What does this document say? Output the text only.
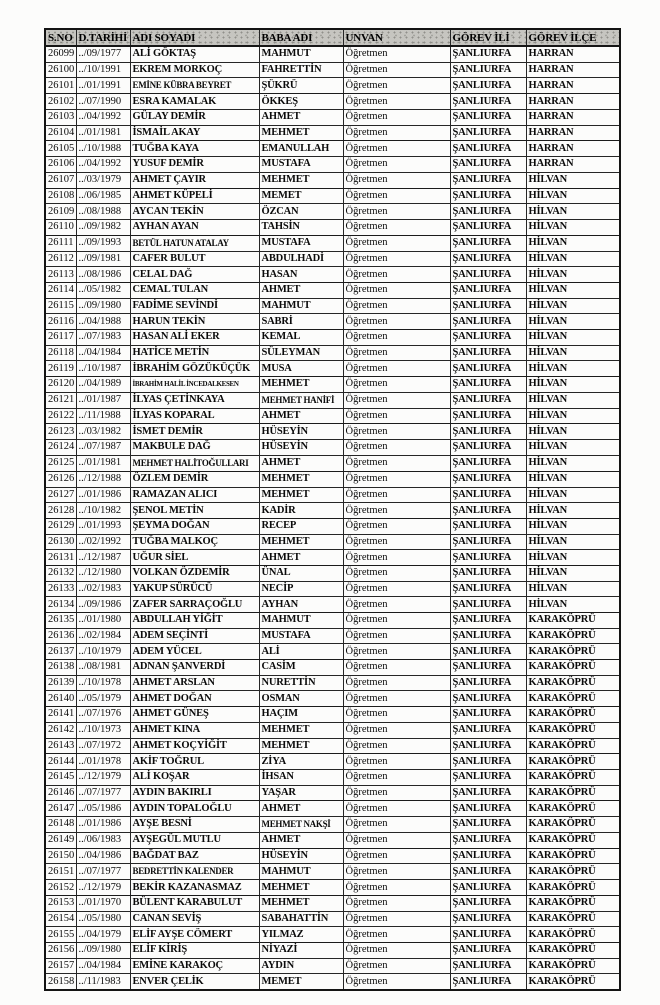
S.NO	D.TARİHİ	ADI SOYADI	BABA ADI	UNVAN	GÖREV İLİ	GÖREV İLÇE
26099	../09/1977	ALİ GÖKTAŞ	MAHMUT	Öğretmen	ŞANLIURFA	HARRAN
26100	../10/1991	EKREM MORKOÇ	FAHRETTİN	Öğretmen	ŞANLIURFA	HARRAN
26101	../01/1991	EMİNE KÜBRA BEYRET	ŞÜKRÜ	Öğretmen	ŞANLIURFA	HARRAN
26102	../07/1990	ESRA KAMALAK	ÖKKEŞ	Öğretmen	ŞANLIURFA	HARRAN
26103	../04/1992	GÜLAY DEMİR	AHMET	Öğretmen	ŞANLIURFA	HARRAN
26104	../01/1981	İSMAİL AKAY	MEHMET	Öğretmen	ŞANLIURFA	HARRAN
26105	../10/1988	TUĞBA KAYA	EMANULLAH	Öğretmen	ŞANLIURFA	HARRAN
26106	../04/1992	YUSUF DEMİR	MUSTAFA	Öğretmen	ŞANLIURFA	HARRAN
26107	../03/1979	AHMET ÇAYIR	MEHMET	Öğretmen	ŞANLIURFA	HİLVAN
26108	../06/1985	AHMET KÜPELİ	MEMET	Öğretmen	ŞANLIURFA	HİLVAN
26109	../08/1988	AYCAN TEKİN	ÖZCAN	Öğretmen	ŞANLIURFA	HİLVAN
26110	../09/1982	AYHAN AYAN	TAHSİN	Öğretmen	ŞANLIURFA	HİLVAN
26111	../09/1993	BETÜL HATUN ATALAY	MUSTAFA	Öğretmen	ŞANLIURFA	HİLVAN
26112	../09/1981	CAFER BULUT	ABDULHADİ	Öğretmen	ŞANLIURFA	HİLVAN
26113	../08/1986	CELAL DAĞ	HASAN	Öğretmen	ŞANLIURFA	HİLVAN
26114	../05/1982	CEMAL TULAN	AHMET	Öğretmen	ŞANLIURFA	HİLVAN
26115	../09/1980	FADİME SEVİNDİ	MAHMUT	Öğretmen	ŞANLIURFA	HİLVAN
26116	../04/1988	HARUN TEKİN	SABRİ	Öğretmen	ŞANLIURFA	HİLVAN
26117	../07/1983	HASAN ALİ EKER	KEMAL	Öğretmen	ŞANLIURFA	HİLVAN
26118	../04/1984	HATİCE METİN	SÜLEYMAN	Öğretmen	ŞANLIURFA	HİLVAN
26119	../10/1987	İBRAHİM GÖZÜKÜÇÜK	MUSA	Öğretmen	ŞANLIURFA	HİLVAN
26120	../04/1989	İBRAHİM HALİL İNCEDALKESEN	MEHMET	Öğretmen	ŞANLIURFA	HİLVAN
26121	../01/1987	İLYAS ÇETİNKAYA	MEHMET HANİFİ	Öğretmen	ŞANLIURFA	HİLVAN
26122	../11/1988	İLYAS KOPARAL	AHMET	Öğretmen	ŞANLIURFA	HİLVAN
26123	../03/1982	İSMET DEMİR	HÜSEYİN	Öğretmen	ŞANLIURFA	HİLVAN
26124	../07/1987	MAKBULE DAĞ	HÜSEYİN	Öğretmen	ŞANLIURFA	HİLVAN
26125	../01/1981	MEHMET HALİTOĞULLARI	AHMET	Öğretmen	ŞANLIURFA	HİLVAN
26126	../12/1988	ÖZLEM DEMİR	MEHMET	Öğretmen	ŞANLIURFA	HİLVAN
26127	../01/1986	RAMAZAN ALICI	MEHMET	Öğretmen	ŞANLIURFA	HİLVAN
26128	../10/1982	ŞENOL METİN	KADİR	Öğretmen	ŞANLIURFA	HİLVAN
26129	../01/1993	ŞEYMA DOĞAN	RECEP	Öğretmen	ŞANLIURFA	HİLVAN
26130	../02/1992	TUĞBA MALKOÇ	MEHMET	Öğretmen	ŞANLIURFA	HİLVAN
26131	../12/1987	UĞUR SİEL	AHMET	Öğretmen	ŞANLIURFA	HİLVAN
26132	../12/1980	VOLKAN ÖZDEMİR	ÜNAL	Öğretmen	ŞANLIURFA	HİLVAN
26133	../02/1983	YAKUP SÜRÜCÜ	NECİP	Öğretmen	ŞANLIURFA	HİLVAN
26134	../09/1986	ZAFER SARRAÇOĞLU	AYHAN	Öğretmen	ŞANLIURFA	HİLVAN
26135	../01/1980	ABDULLAH YİĞİT	MAHMUT	Öğretmen	ŞANLIURFA	KARAKÖPRÜ
26136	../02/1984	ADEM SEÇİNTİ	MUSTAFA	Öğretmen	ŞANLIURFA	KARAKÖPRÜ
26137	../10/1979	ADEM YÜCEL	ALİ	Öğretmen	ŞANLIURFA	KARAKÖPRÜ
26138	../08/1981	ADNAN ŞANVERDİ	CASİM	Öğretmen	ŞANLIURFA	KARAKÖPRÜ
26139	../10/1978	AHMET ARSLAN	NURETTİN	Öğretmen	ŞANLIURFA	KARAKÖPRÜ
26140	../05/1979	AHMET DOĞAN	OSMAN	Öğretmen	ŞANLIURFA	KARAKÖPRÜ
26141	../07/1976	AHMET GÜNEŞ	HAÇIM	Öğretmen	ŞANLIURFA	KARAKÖPRÜ
26142	../10/1973	AHMET KINA	MEHMET	Öğretmen	ŞANLIURFA	KARAKÖPRÜ
26143	../07/1972	AHMET KOÇYİĞİT	MEHMET	Öğretmen	ŞANLIURFA	KARAKÖPRÜ
26144	../01/1978	AKİF TOĞRUL	ZİYA	Öğretmen	ŞANLIURFA	KARAKÖPRÜ
26145	../12/1979	ALİ KOŞAR	İHSAN	Öğretmen	ŞANLIURFA	KARAKÖPRÜ
26146	../07/1977	AYDIN BAKIRLI	YAŞAR	Öğretmen	ŞANLIURFA	KARAKÖPRÜ
26147	../05/1986	AYDIN TOPALOĞLU	AHMET	Öğretmen	ŞANLIURFA	KARAKÖPRÜ
26148	../01/1986	AYŞE BESNİ	MEHMET NAKŞİ	Öğretmen	ŞANLIURFA	KARAKÖPRÜ
26149	../06/1983	AYŞEGÜL MUTLU	AHMET	Öğretmen	ŞANLIURFA	KARAKÖPRÜ
26150	../04/1986	BAĞDAT BAZ	HÜSEYİN	Öğretmen	ŞANLIURFA	KARAKÖPRÜ
26151	../07/1977	BEDRETTİN KALENDER	MAHMUT	Öğretmen	ŞANLIURFA	KARAKÖPRÜ
26152	../12/1979	BEKİR KAZANASMAZ	MEHMET	Öğretmen	ŞANLIURFA	KARAKÖPRÜ
26153	../01/1970	BÜLENT KARABULUT	MEHMET	Öğretmen	ŞANLIURFA	KARAKÖPRÜ
26154	../05/1980	CANAN SEVİŞ	SABAHATTİN	Öğretmen	ŞANLIURFA	KARAKÖPRÜ
26155	../04/1979	ELİF AYŞE CÖMERT	YILMAZ	Öğretmen	ŞANLIURFA	KARAKÖPRÜ
26156	../09/1980	ELİF KİRİŞ	NİYAZİ	Öğretmen	ŞANLIURFA	KARAKÖPRÜ
26157	../04/1984	EMİNE KARAKOÇ	AYDIN	Öğretmen	ŞANLIURFA	KARAKÖPRÜ
26158	../11/1983	ENVER ÇELİK	MEMET	Öğretmen	ŞANLIURFA	KARAKÖPRÜ
